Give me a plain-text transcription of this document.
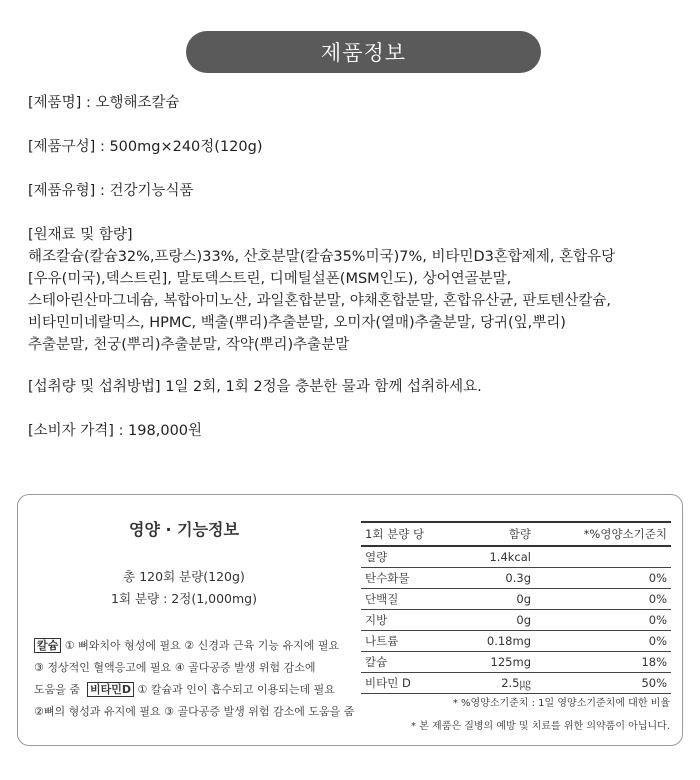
제품정보
[제품명] : 오행해조칼슘
[제품구성] : 500mg×240정(120g)
[제품유형] : 건강기능식품
[원재료 및 함량]
해조칼슘(칼슘32%,프랑스)33%, 산호분말(칼슘35%미국)7%, 비타민D3혼합제제, 혼합유당
[우유(미국),덱스트린], 말토덱스트린, 디메틸설폰(MSM인도), 상어연골분말,
스테아린산마그네슘, 복합아미노산, 과일혼합분말, 야채혼합분말, 혼합유산균, 판토텐산칼슘,
비타민미네랄믹스, HPMC, 백출(뿌리)추출분말, 오미자(열매)추출분말, 당귀(잎,뿌리)
추출분말, 천궁(뿌리)추출분말, 작약(뿌리)추출분말
[섭취량 및 섭취방법] 1일 2회, 1회 2정을 충분한 물과 함께 섭취하세요.
[소비자 가격] : 198,000원
영양 · 기능정보
총 120회 분량(120g)
1회 분량 : 2정(1,000mg)
칼슘 ① 뼈와치아 형성에 필요 ② 신경과 근육 기능 유지에 필요
③ 정상적인 혈액응고에 필요 ④ 골다공증 발생 위험 감소에
도움을 줌 비타민D ① 칼슘과 인이 흡수되고 이용되는데 필요
②뼈의 형성과 유지에 필요 ③ 골다공증 발생 위험 감소에 도움을 줌
1회 분량 당	함량	*%영양소기준치
열량	1.4kcal	
탄수화물	0.3g	0%
단백질	0g	0%
지방	0g	0%
나트륨	0.18mg	0%
칼슘	125mg	18%
비타민 D	2.5㎍	50%
* %영양소기준치 : 1일 영양소기준치에 대한 비율
* 본 제품은 질병의 예방 및 치료를 위한 의약품이 아닙니다.
